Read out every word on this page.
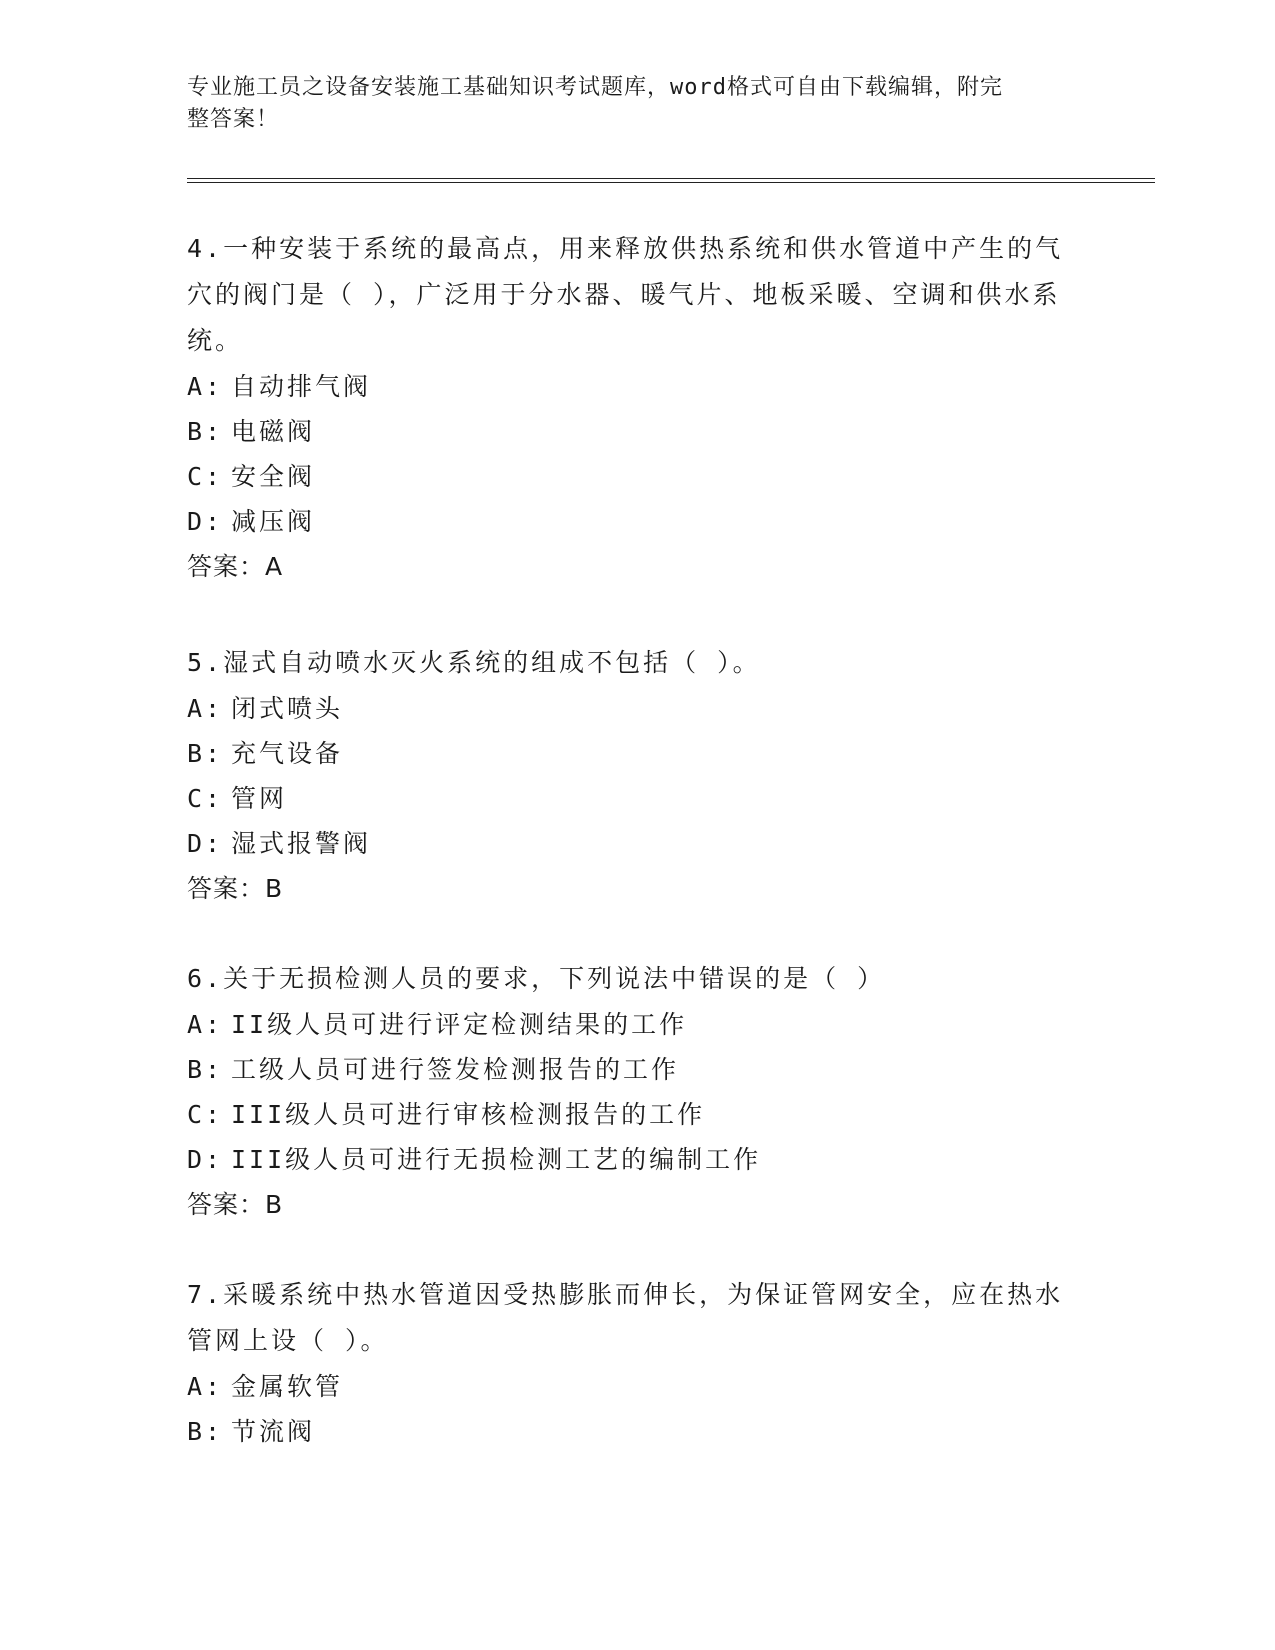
专业施工员之设备安装施工基础知识考试题库，word格式可自由下载编辑，附完
整答案！

4.一种安装于系统的最高点，用来释放供热系统和供水管道中产生的气穴的阀门是（ ），广泛用于分水器、暖气片、地板采暖、空调和供水系统。

A: 自动排气阀
B: 电磁阀
C: 安全阀
D: 减压阀

答案：A

5.湿式自动喷水灭火系统的组成不包括（ ）。

A: 闭式喷头
B: 充气设备
C: 管网
D: 湿式报警阀

答案：B

6.关于无损检测人员的要求，下列说法中错误的是（ ）

A: II级人员可进行评定检测结果的工作
B: 工级人员可进行签发检测报告的工作
C: III级人员可进行审核检测报告的工作
D: III级人员可进行无损检测工艺的编制工作

答案：B

7.采暖系统中热水管道因受热膨胀而伸长，为保证管网安全，应在热水管网上设（ ）。

A: 金属软管
B: 节流阀
